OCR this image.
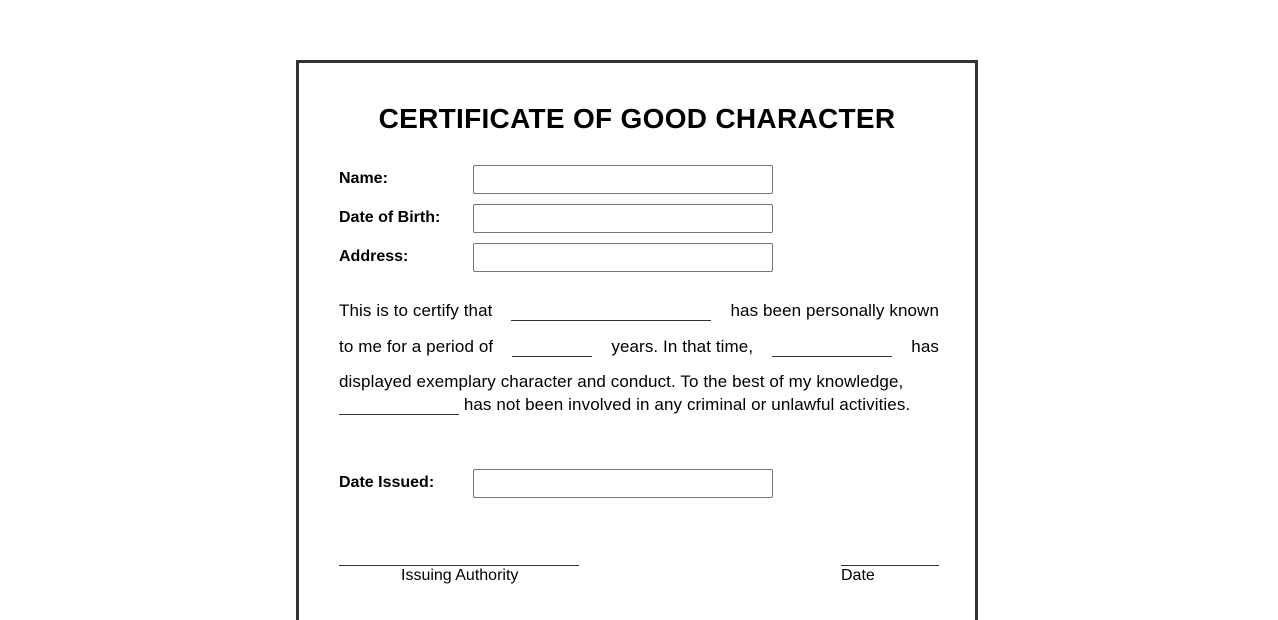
CERTIFICATE OF GOOD CHARACTER
Name:
Date of Birth:
Address:
This is to certify that	has been personally known
to me for a period of	years. In that time,	has
displayed exemplary character and conduct. To the best of my knowledge,
has not been involved in any criminal or unlawful activities.
Date Issued:
Issuing Authority	Date
